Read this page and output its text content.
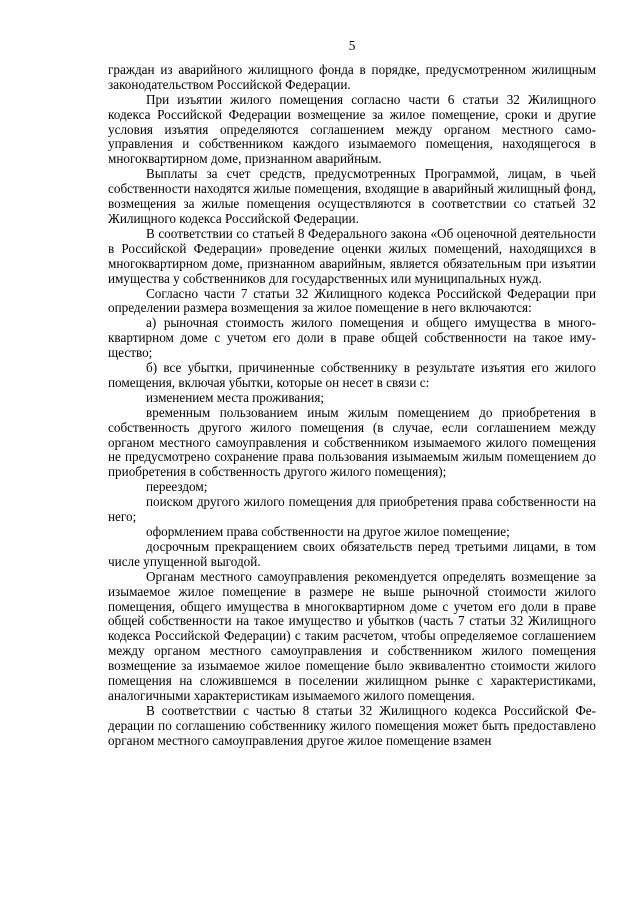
5

граждан из аварийного жилищного фонда в порядке, предусмотренном жилищным законодательством Российской Федерации.

При изъятии жилого помещения согласно части 6 статьи 32 Жилищного кодекса Российской Федерации возмещение за жилое помещение, сроки и другие условия изъятия определяются соглашением между органом местного самоуправления и собственником каждого изымаемого помещения, находящегося в многоквартирном доме, признанном аварийным.

Выплаты за счет средств, предусмотренных Программой, лицам, в чьей собственности находятся жилые помещения, входящие в аварийный жилищный фонд, возмещения за жилые помещения осуществляются в соответствии со статьей 32 Жилищного кодекса Российской Федерации.

В соответствии со статьей 8 Федерального закона «Об оценочной деятельности в Российской Федерации» проведение оценки жилых помещений, находящихся в многоквартирном доме, признанном аварийным, является обязательным при изъятии имущества у собственников для государственных или муниципальных нужд.

Согласно части 7 статьи 32 Жилищного кодекса Российской Федерации при определении размера возмещения за жилое помещение в него включаются:

а) рыночная стоимость жилого помещения и общего имущества в многоквартирном доме с учетом его доли в праве общей собственности на такое имущество;

б) все убытки, причиненные собственнику в результате изъятия его жилого помещения, включая убытки, которые он несет в связи с:

изменением места проживания;

временным пользованием иным жилым помещением до приобретения в собственность другого жилого помещения (в случае, если соглашением между органом местного самоуправления и собственником изымаемого жилого помещения не предусмотрено сохранение права пользования изымаемым жилым помещением до приобретения в собственность другого жилого помещения);

переездом;

поиском другого жилого помещения для приобретения права собственности на него;

оформлением права собственности на другое жилое помещение;

досрочным прекращением своих обязательств перед третьими лицами, в том числе упущенной выгодой.

Органам местного самоуправления рекомендуется определять возмещение за изымаемое жилое помещение в размере не выше рыночной стоимости жилого помещения, общего имущества в многоквартирном доме с учетом его доли в праве общей собственности на такое имущество и убытков (часть 7 статьи 32 Жилищного кодекса Российской Федерации) с таким расчетом, чтобы определяемое соглашением между органом местного самоуправления и собственником жилого помещения возмещение за изымаемое жилое помещение было эквивалентно стоимости жилого помещения на сложившемся в поселении жилищном рынке с характеристиками, аналогичными характеристикам изымаемого жилого помещения.

В соответствии с частью 8 статьи 32 Жилищного кодекса Российской Федерации по соглашению собственнику жилого помещения может быть предоставлено органом местного самоуправления другое жилое помещение взамен
